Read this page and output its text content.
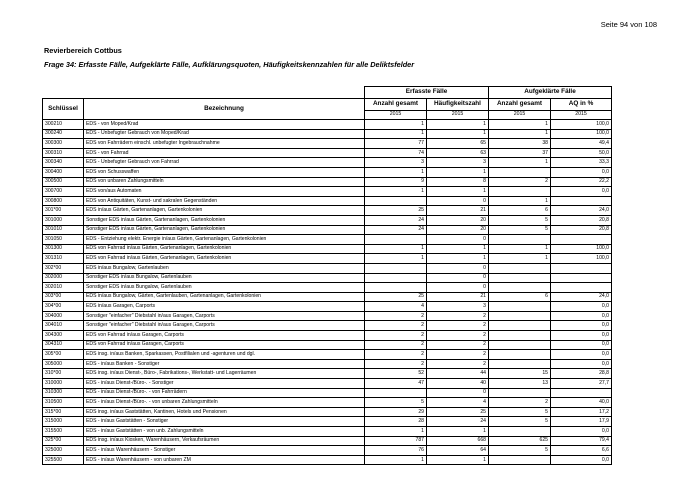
Seite 94 von 108
Revierbereich Cottbus
Frage 34: Erfasste Fälle, Aufgeklärte Fälle, Aufklärungsquoten, Häufigkeitskennzahlen für alle Deliktsfelder
		Erfasste Fälle		Aufgeklärte Fälle	
Schlüssel	Bezeichnung	Anzahl gesamt	Häufigkeitszahl	Anzahl gesamt	AQ in %
		2015	2015	2015	2015
300210	EDS - von Moped/Krad	1	1	1	100,0
300240	EDS - Unbefugter Gebrauch von Moped/Krad	1	1	1	100,0
300300	EDS von Fahrrädern einschl. unbefugter Ingebrauchnahme	77	65	38	49,4
300310	EDS - von Fahrrad	74	63	37	50,0
300340	EDS - Unbefugter Gebrauch von Fahrrad	3	3	1	33,3
300400	EDS von Schusswaffen	1	1		0,0
300500	EDS von unbaren Zahlungsmitteln	9	8	2	22,2
300700	EDS von/aus Automaten	1	1		0,0
300800	EDS von Antiquitäten, Kunst- und sakralen Gegenständen		0	1	
301*00	EDS in/aus Gärten, Gartenanlagen, Gartenkolonien	25	21	6	24,0
301000	Sonstiger EDS in/aus Gärten, Gartenanlagen, Gartenkolonien	24	20	5	20,8
301010	Sonstiger EDS in/aus Gärten, Gartenanlagen, Gartenkolonien	24	20	5	20,8
301050	EDS - Entziehung elektr. Energie in/aus Gärten, Gartenanlagen, Gartenkolonien		0		
301300	EDS von Fahrrad in/aus Gärten, Gartenanlagen, Gartenkolonien	1	1	1	100,0
301310	EDS von Fahrrad in/aus Gärten, Gartenanlagen, Gartenkolonien	1	1	1	100,0
302*00	EDS in/aus Bungalow, Gartenlauben		0		
302000	Sonstiger EDS in/aus Bungalow, Gartenlauben		0		
302010	Sonstiger EDS in/aus Bungalow, Gartenlauben		0		
303*00	EDS in/aus Bungalow, Gärten, Gartenlauben, Gartenanlagen, Gartenkolonien	25	21	6	24,0
304*00	EDS in/aus Garagen, Carports	4	3		0,0
304000	Sonstiger "einfacher" Diebstahl in/aus Garagen, Carports	2	2		0,0
304010	Sonstiger "einfacher" Diebstahl in/aus Garagen, Carports	2	2		0,0
304300	EDS von Fahrrad in/aus Garagen, Carports	2	2		0,0
304310	EDS von Fahrrad in/aus Garagen, Carports	2	2		0,0
305*00	EDS insg. in/aus Banken, Sparkassen, Postfilialen und -agenturen und dgl.	2	2		0,0
305000	EDS - in/aus Banken - Sonstiger	2	2		0,0
310*00	EDS insg. in/aus Dienst-, Büro-, Fabrikations-, Werkstatt- und Lagerräumen	52	44	15	28,8
310000	EDS - in/aus Dienst-/Büro-. - Sonstiger	47	40	13	27,7
310300	EDS - in/aus Dienst-/Büro-. - von Fahrrädern		0		
310500	EDS - in/aus Dienst-/Büro-. - von unbaren Zahlungsmitteln	5	4	2	40,0
315*00	EDS insg. in/aus Gaststätten, Kantinen, Hotels und Pensionen	29	25	5	17,2
315000	EDS - in/aus Gaststätten - Sonstiger	28	24	5	17,9
315500	EDS - in/aus Gaststätten - von unb. Zahlungsmitteln	1	1		0,0
325*00	EDS insg. in/aus Kiosken, Warenhäusern, Verkaufsräumen	787	668	625	79,4
325000	EDS - in/aus Warenhäusern - Sonstiger	76	64	5	6,6
325500	EDS - in/aus Warenhäusern - von unbaren ZM	1	1		0,0
